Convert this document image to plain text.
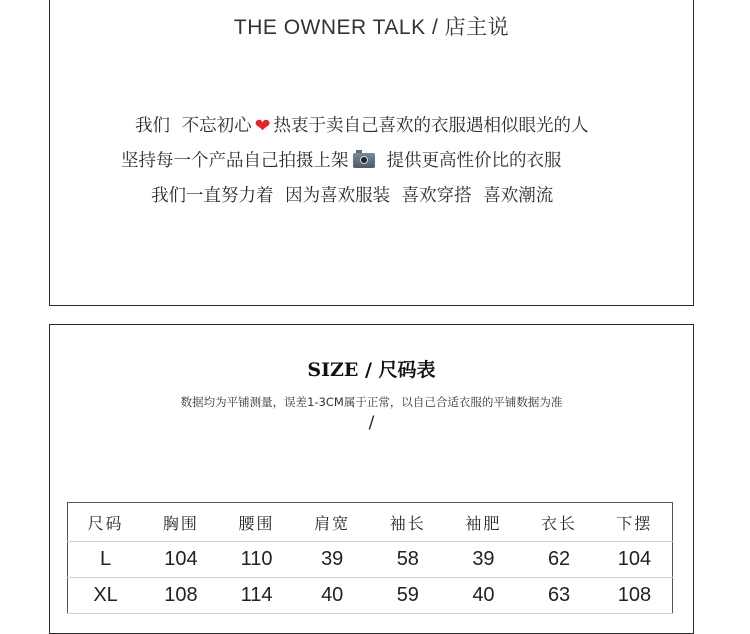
THE OWNER TALK / 店主说
我们 不忘初心 ❤ 热衷于卖自己喜欢的衣服遇相似眼光的人
坚持每一个产品自己拍摄上架 提供更高性价比的衣服
我们一直努力着 因为喜欢服装 喜欢穿搭 喜欢潮流
SIZE / 尺码表
数据均为平铺测量，误差1-3CM属于正常，以自己合适衣服的平铺数据为准
/
尺码	胸围	腰围	肩宽	袖长	袖肥	衣长	下摆
L	104	110	39	58	39	62	104
XL	108	114	40	59	40	63	108
